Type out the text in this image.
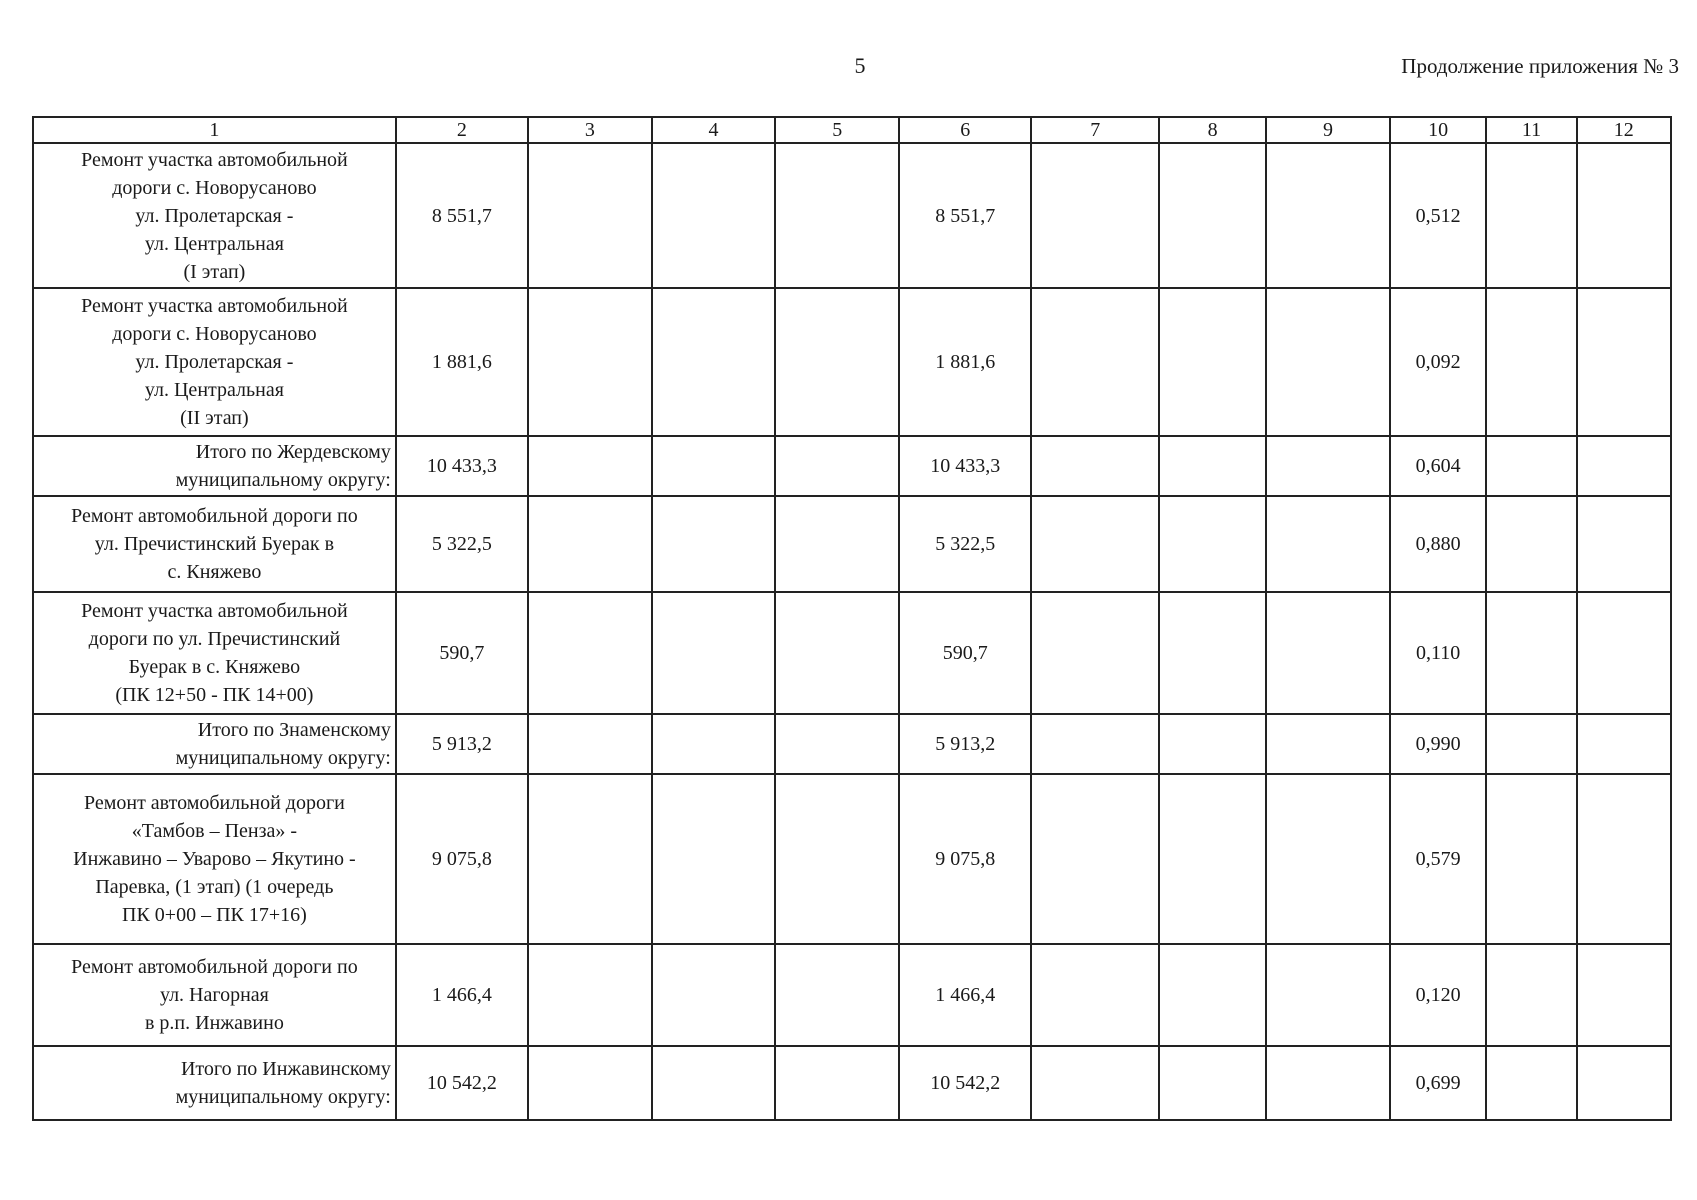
5	Продолжение приложения № 3
1	2	3	4	5	6	7	8	9	10	11	12
Ремонт участка автомобильной
дороги с. Новорусаново
ул. Пролетарская -
ул. Центральная
(I этап)	8 551,7				8 551,7				0,512		
Ремонт участка автомобильной
дороги с. Новорусаново
ул. Пролетарская -
ул. Центральная
(II этап)	1 881,6				1 881,6				0,092		
Итого по Жердевскому
муниципальному округу:	10 433,3				10 433,3				0,604		
Ремонт автомобильной дороги по
ул. Пречистинский Буерак в
с. Княжево	5 322,5				5 322,5				0,880		
Ремонт участка автомобильной
дороги по ул. Пречистинский
Буерак в с. Княжево
(ПК 12+50 - ПК 14+00)	590,7				590,7				0,110		
Итого по Знаменскому
муниципальному округу:	5 913,2				5 913,2				0,990		
Ремонт автомобильной дороги
«Тамбов – Пенза» -
Инжавино – Уварово – Якутино -
Паревка, (1 этап) (1 очередь
ПК 0+00 – ПК 17+16)	9 075,8				9 075,8				0,579		
Ремонт автомобильной дороги по
ул. Нагорная
в р.п. Инжавино	1 466,4				1 466,4				0,120		
Итого по Инжавинскому
муниципальному округу:	10 542,2				10 542,2				0,699		
